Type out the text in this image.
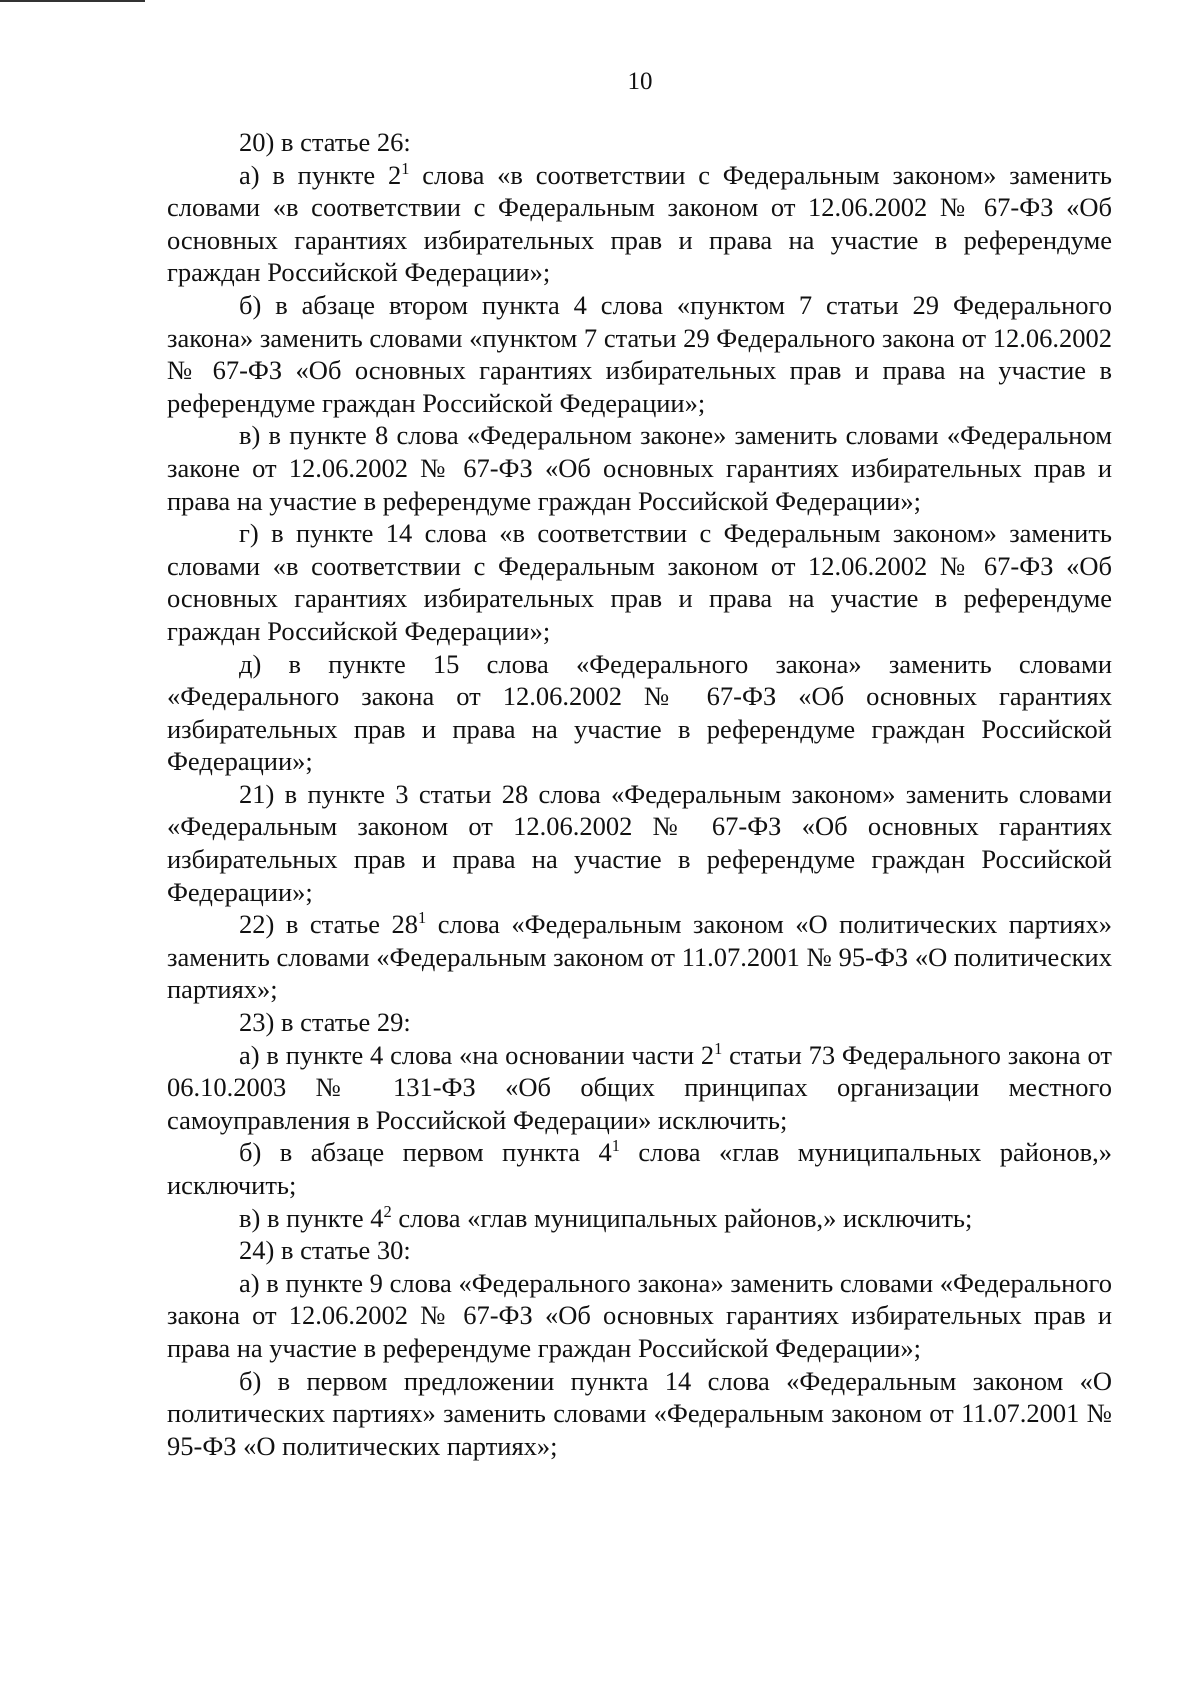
10

20) в статье 26:

а) в пункте $2^1$ слова «в соответствии с Федеральным законом» заменить словами «в соответствии с Федеральным законом от 12.06.2002 № 67-ФЗ «Об основных гарантиях избирательных прав и права на участие в референдуме граждан Российской Федерации»;

б) в абзаце втором пункта 4 слова «пунктом 7 статьи 29 Федерального закона» заменить словами «пунктом 7 статьи 29 Федерального закона от 12.06.2002 № 67-ФЗ «Об основных гарантиях избирательных прав и права на участие в референдуме граждан Российской Федерации»;

в) в пункте 8 слова «Федеральном законе» заменить словами «Федеральном законе от 12.06.2002 № 67-ФЗ «Об основных гарантиях избирательных прав и права на участие в референдуме граждан Российской Федерации»;

г) в пункте 14 слова «в соответствии с Федеральным законом» заменить словами «в соответствии с Федеральным законом от 12.06.2002 № 67-ФЗ «Об основных гарантиях избирательных прав и права на участие в референдуме граждан Российской Федерации»;

д) в пункте 15 слова «Федерального закона» заменить словами «Федерального закона от 12.06.2002 № 67-ФЗ «Об основных гарантиях избирательных прав и права на участие в референдуме граждан Российской Федерации»;

21) в пункте 3 статьи 28 слова «Федеральным законом» заменить словами «Федеральным законом от 12.06.2002 № 67-ФЗ «Об основных гарантиях избирательных прав и права на участие в референдуме граждан Российской Федерации»;

22) в статье $28^1$ слова «Федеральным законом «О политических партиях» заменить словами «Федеральным законом от 11.07.2001 № 95-ФЗ «О политических партиях»;

23) в статье 29:

а) в пункте 4 слова «на основании части $2^1$ статьи 73 Федерального закона от 06.10.2003 № 131-ФЗ «Об общих принципах организации местного самоуправления в Российской Федерации» исключить;

б) в абзаце первом пункта $4^1$ слова «глав муниципальных районов,» исключить;

в) в пункте $4^2$ слова «глав муниципальных районов,» исключить;

24) в статье 30:

а) в пункте 9 слова «Федерального закона» заменить словами «Федерального закона от 12.06.2002 № 67-ФЗ «Об основных гарантиях избирательных прав и права на участие в референдуме граждан Российской Федерации»;

б) в первом предложении пункта 14 слова «Федеральным законом «О политических партиях» заменить словами «Федеральным законом от 11.07.2001 № 95-ФЗ «О политических партиях»;
